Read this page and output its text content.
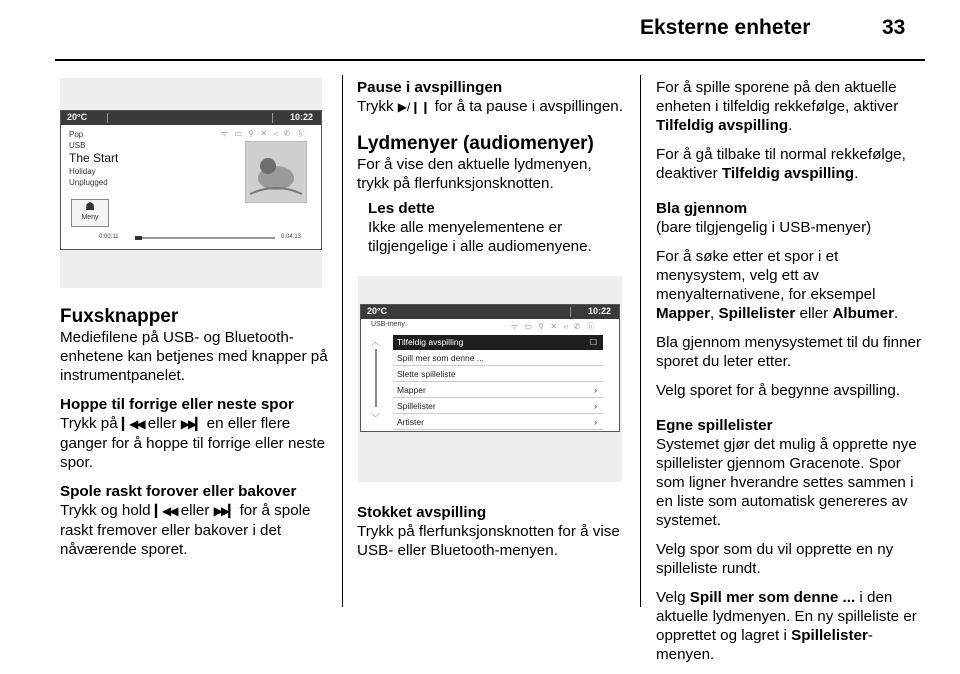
Eksterne enheter	33
20°C	10:22
ᯤ ▭ ⚲ ✕ ◃ ✆ ⓑ
Pop
USB
The Start
Holiday
Unplugged
☗
Meny
0:00:11	0:04:13
Fuxsknapper

Mediefilene på USB- og Bluetooth-enhetene kan betjenes med knapper på instrumentpanelet.

Hoppe til forrige eller neste spor

Trykk på ▎◀◀ eller ▶▶▎ en eller flere ganger for å hoppe til forrige eller neste spor.

Spole raskt forover eller bakover

Trykk og hold ▎◀◀ eller ▶▶▎ for å spole raskt fremover eller bakover i det nåværende sporet.

Pause i avspillingen

Trykk ▶/❙❙ for å ta pause i avspillingen.

Lydmenyer (audiomenyer)

For å vise den aktuelle lydmenyen, trykk på flerfunksjonsknotten.

Les dette

Ikke alle menyelementene er tilgjengelige i alle audiomenyene.

20°C	10:22
USB-meny	ᯤ ▭ ⚲ ✕ ◃ ✆ ⓑ
︿
﹀
Tilfeldig avspilling	☐
Spill mer som denne ...
Slette spilleliste
Mapper	›
Spillelister	›
Artister	›

Stokket avspilling

Trykk på flerfunksjonsknotten for å vise USB- eller Bluetooth-menyen.

For å spille sporene på den aktuelle enheten i tilfeldig rekkefølge, aktiver Tilfeldig avspilling.

For å gå tilbake til normal rekkefølge, deaktiver Tilfeldig avspilling.

Bla gjennom

(bare tilgjengelig i USB-menyer)

For å søke etter et spor i et menysystem, velg ett av menyalternativene, for eksempel Mapper, Spillelister eller Albumer.

Bla gjennom menysystemet til du finner sporet du leter etter.

Velg sporet for å begynne avspilling.

Egne spillelister

Systemet gjør det mulig å opprette nye spillelister gjennom Gracenote. Spor som ligner hverandre settes sammen i en liste som automatisk genereres av systemet.

Velg spor som du vil opprette en ny spilleliste rundt.

Velg Spill mer som denne ... i den aktuelle lydmenyen. En ny spilleliste er opprettet og lagret i Spillelister-menyen.
